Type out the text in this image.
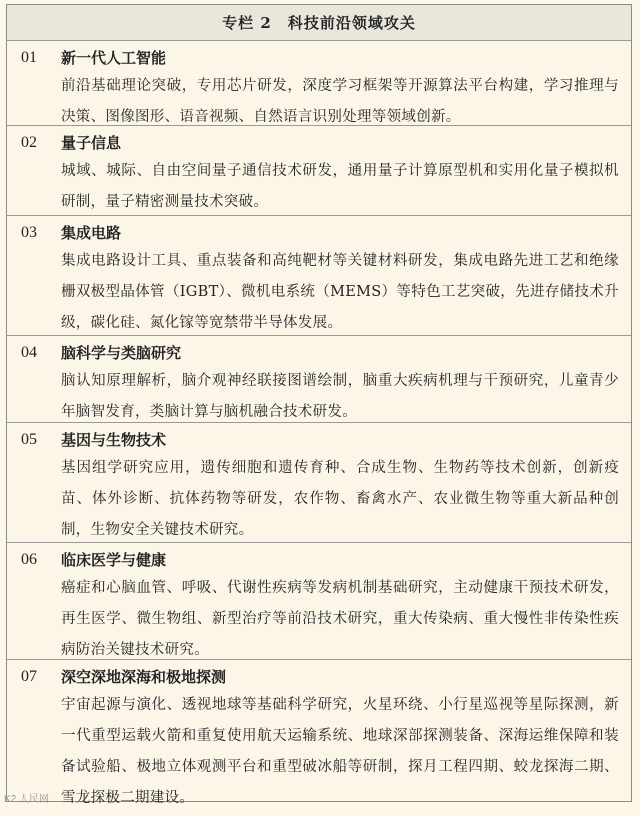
专栏 2 科技前沿领域攻关
01	新一代人工智能
前沿基础理论突破，专用芯片研发，深度学习框架等开源算法平台构建，学习推理与决策、图像图形、语音视频、自然语言识别处理等领域创新。
02	量子信息
城域、城际、自由空间量子通信技术研发，通用量子计算原型机和实用化量子模拟机研制，量子精密测量技术突破。
03	集成电路
集成电路设计工具、重点装备和高纯靶材等关键材料研发，集成电路先进工艺和绝缘栅双极型晶体管（IGBT）、微机电系统（MEMS）等特色工艺突破，先进存储技术升级，碳化硅、氮化镓等宽禁带半导体发展。
04	脑科学与类脑研究
脑认知原理解析，脑介观神经联接图谱绘制，脑重大疾病机理与干预研究，儿童青少年脑智发育，类脑计算与脑机融合技术研发。
05	基因与生物技术
基因组学研究应用，遗传细胞和遗传育种、合成生物、生物药等技术创新，创新疫苗、体外诊断、抗体药物等研发，农作物、畜禽水产、农业微生物等重大新品种创制，生物安全关键技术研究。
06	临床医学与健康
癌症和心脑血管、呼吸、代谢性疾病等发病机制基础研究，主动健康干预技术研发，再生医学、微生物组、新型治疗等前沿技术研究，重大传染病、重大慢性非传染性疾病防治关键技术研究。
07	深空深地深海和极地探测
宇宙起源与演化、透视地球等基础科学研究，火星环绕、小行星巡视等星际探测，新一代重型运载火箭和重复使用航天运输系统、地球深部探测装备、深海运维保障和装备试验船、极地立体观测平台和重型破冰船等研制，探月工程四期、蛟龙探海二期、雪龙探极二期建设。
K2 人民网
